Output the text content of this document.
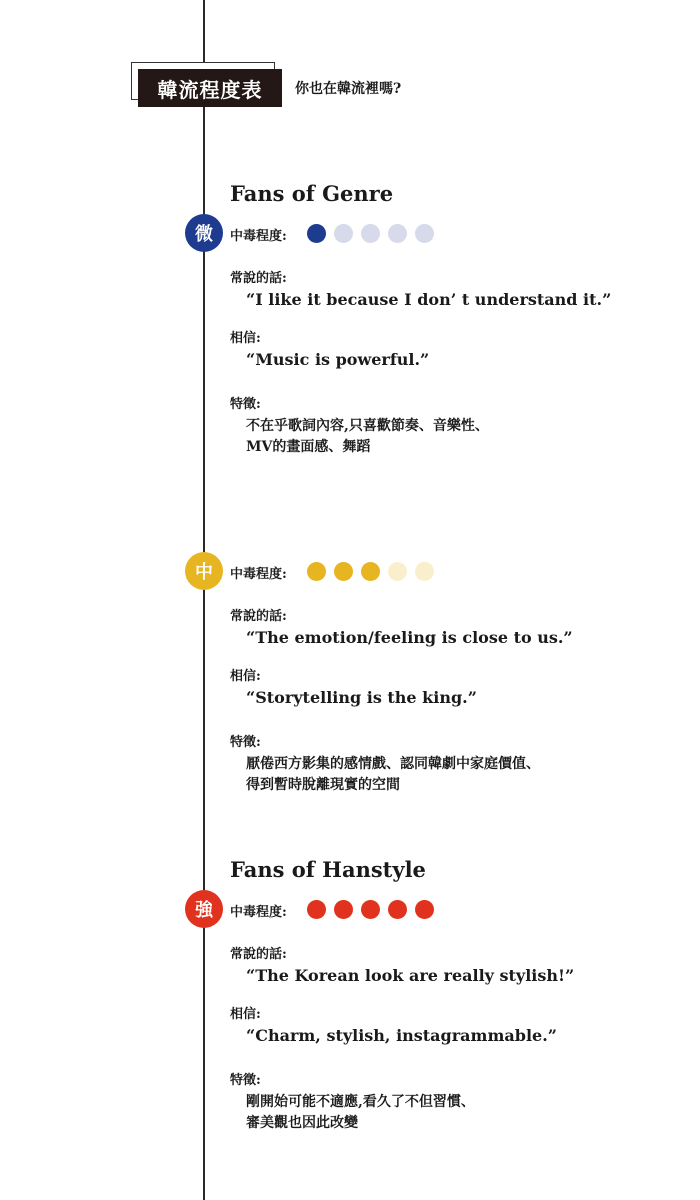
韓流程度表	你也在韓流裡嗎?
Fans of Genre
微	中毒程度:
常說的話:
“I like it because I don’ t understand it.”
相信:
“Music is powerful.”
特徵:
不在乎歌詞內容,只喜歡節奏、音樂性、
MV的畫面感、舞蹈
中	中毒程度:
常說的話:
“The emotion/feeling is close to us.”
相信:
“Storytelling is the king.”
特徵:
厭倦西方影集的感情戲、認同韓劇中家庭價值、
得到暫時脫離現實的空間
Fans of Hanstyle
強	中毒程度:
常說的話:
“The Korean look are really stylish!”
相信:
“Charm, stylish, instagrammable.”
特徵:
剛開始可能不適應,看久了不但習慣、
審美觀也因此改變
